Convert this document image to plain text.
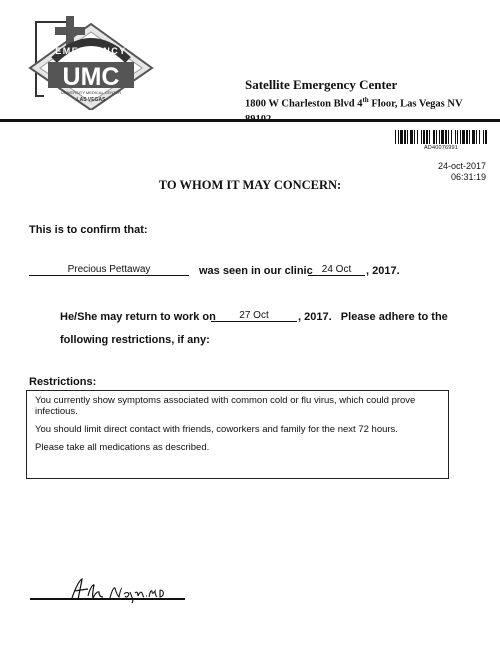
EMERGENCY
UMC
UNIVERSITY MEDICAL CENTER
LAS VEGAS
Satellite Emergency Center
1800 W Charleston Blvd 4th Floor, Las Vegas NV

AD40076991
24-oct-2017
06:31:19
TO WHOM IT MAY CONCERN:
This is to confirm that:
Precious Pettaway	was seen in our clinic 24 Oct	, 2017.
He/She may return to work on	27 Oct	, 2017.   Please adhere to the
following restrictions, if any:
Restrictions:

You currently show symptoms associated with common cold or flu virus, which could prove infectious.

You should limit direct contact with friends, coworkers and family for the next 72 hours.

Please take all medications as described.
